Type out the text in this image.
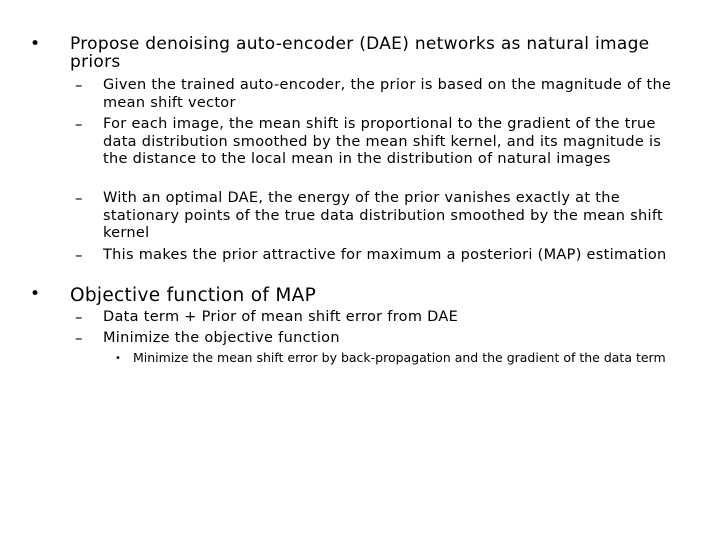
• Propose denoising auto-encoder (DAE) networks as natural image priors
– Given the trained auto-encoder, the prior is based on the magnitude of the mean shift vector
– For each image, the mean shift is proportional to the gradient of the true data distribution smoothed by the mean shift kernel, and its magnitude is the distance to the local mean in the distribution of natural images
– With an optimal DAE, the energy of the prior vanishes exactly at the stationary points of the true data distribution smoothed by the mean shift kernel
– This makes the prior attractive for maximum a posteriori (MAP) estimation
• Objective function of MAP
– Data term + Prior of mean shift error from DAE
– Minimize the objective function
• Minimize the mean shift error by back-propagation and the gradient of the data term
